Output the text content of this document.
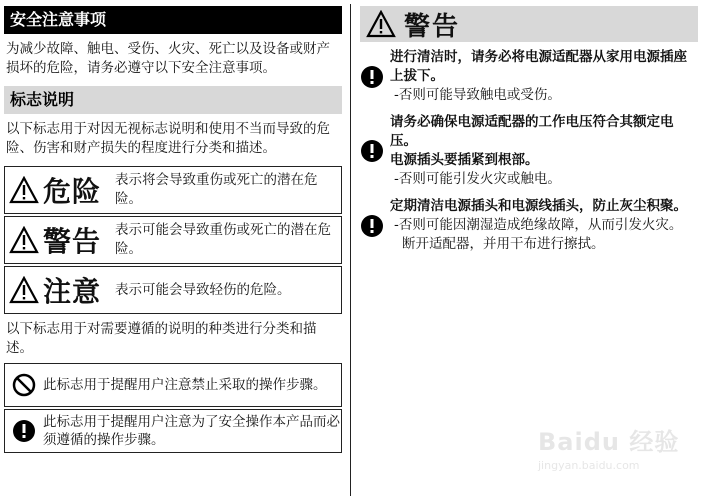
安全注意事项
为减少故障、触电、受伤、火灾、死亡以及设备或财产损坏的危险，请务必遵守以下安全注意事项。
标志说明
以下标志用于对因无视标志说明和使用不当而导致的危险、伤害和财产损失的程度进行分类和描述。
危险 表示将会导致重伤或死亡的潜在危险。
警告 表示可能会导致重伤或死亡的潜在危险。
注意 表示可能会导致轻伤的危险。
以下标志用于对需要遵循的说明的种类进行分类和描述。
此标志用于提醒用户注意禁止采取的操作步骤。
此标志用于提醒用户注意为了安全操作本产品而必须遵循的操作步骤。
警告
进行清洁时，请务必将电源适配器从家用电源插座上拔下。
-否则可能导致触电或受伤。
请务必确保电源适配器的工作电压符合其额定电压。
电源插头要插紧到根部。
-否则可能引发火灾或触电。
定期清洁电源插头和电源线插头，防止灰尘积聚。
-否则可能因潮湿造成绝缘故障，从而引发火灾。
断开适配器，并用干布进行擦拭。
Baidu 经验
jingyan.baidu.com
